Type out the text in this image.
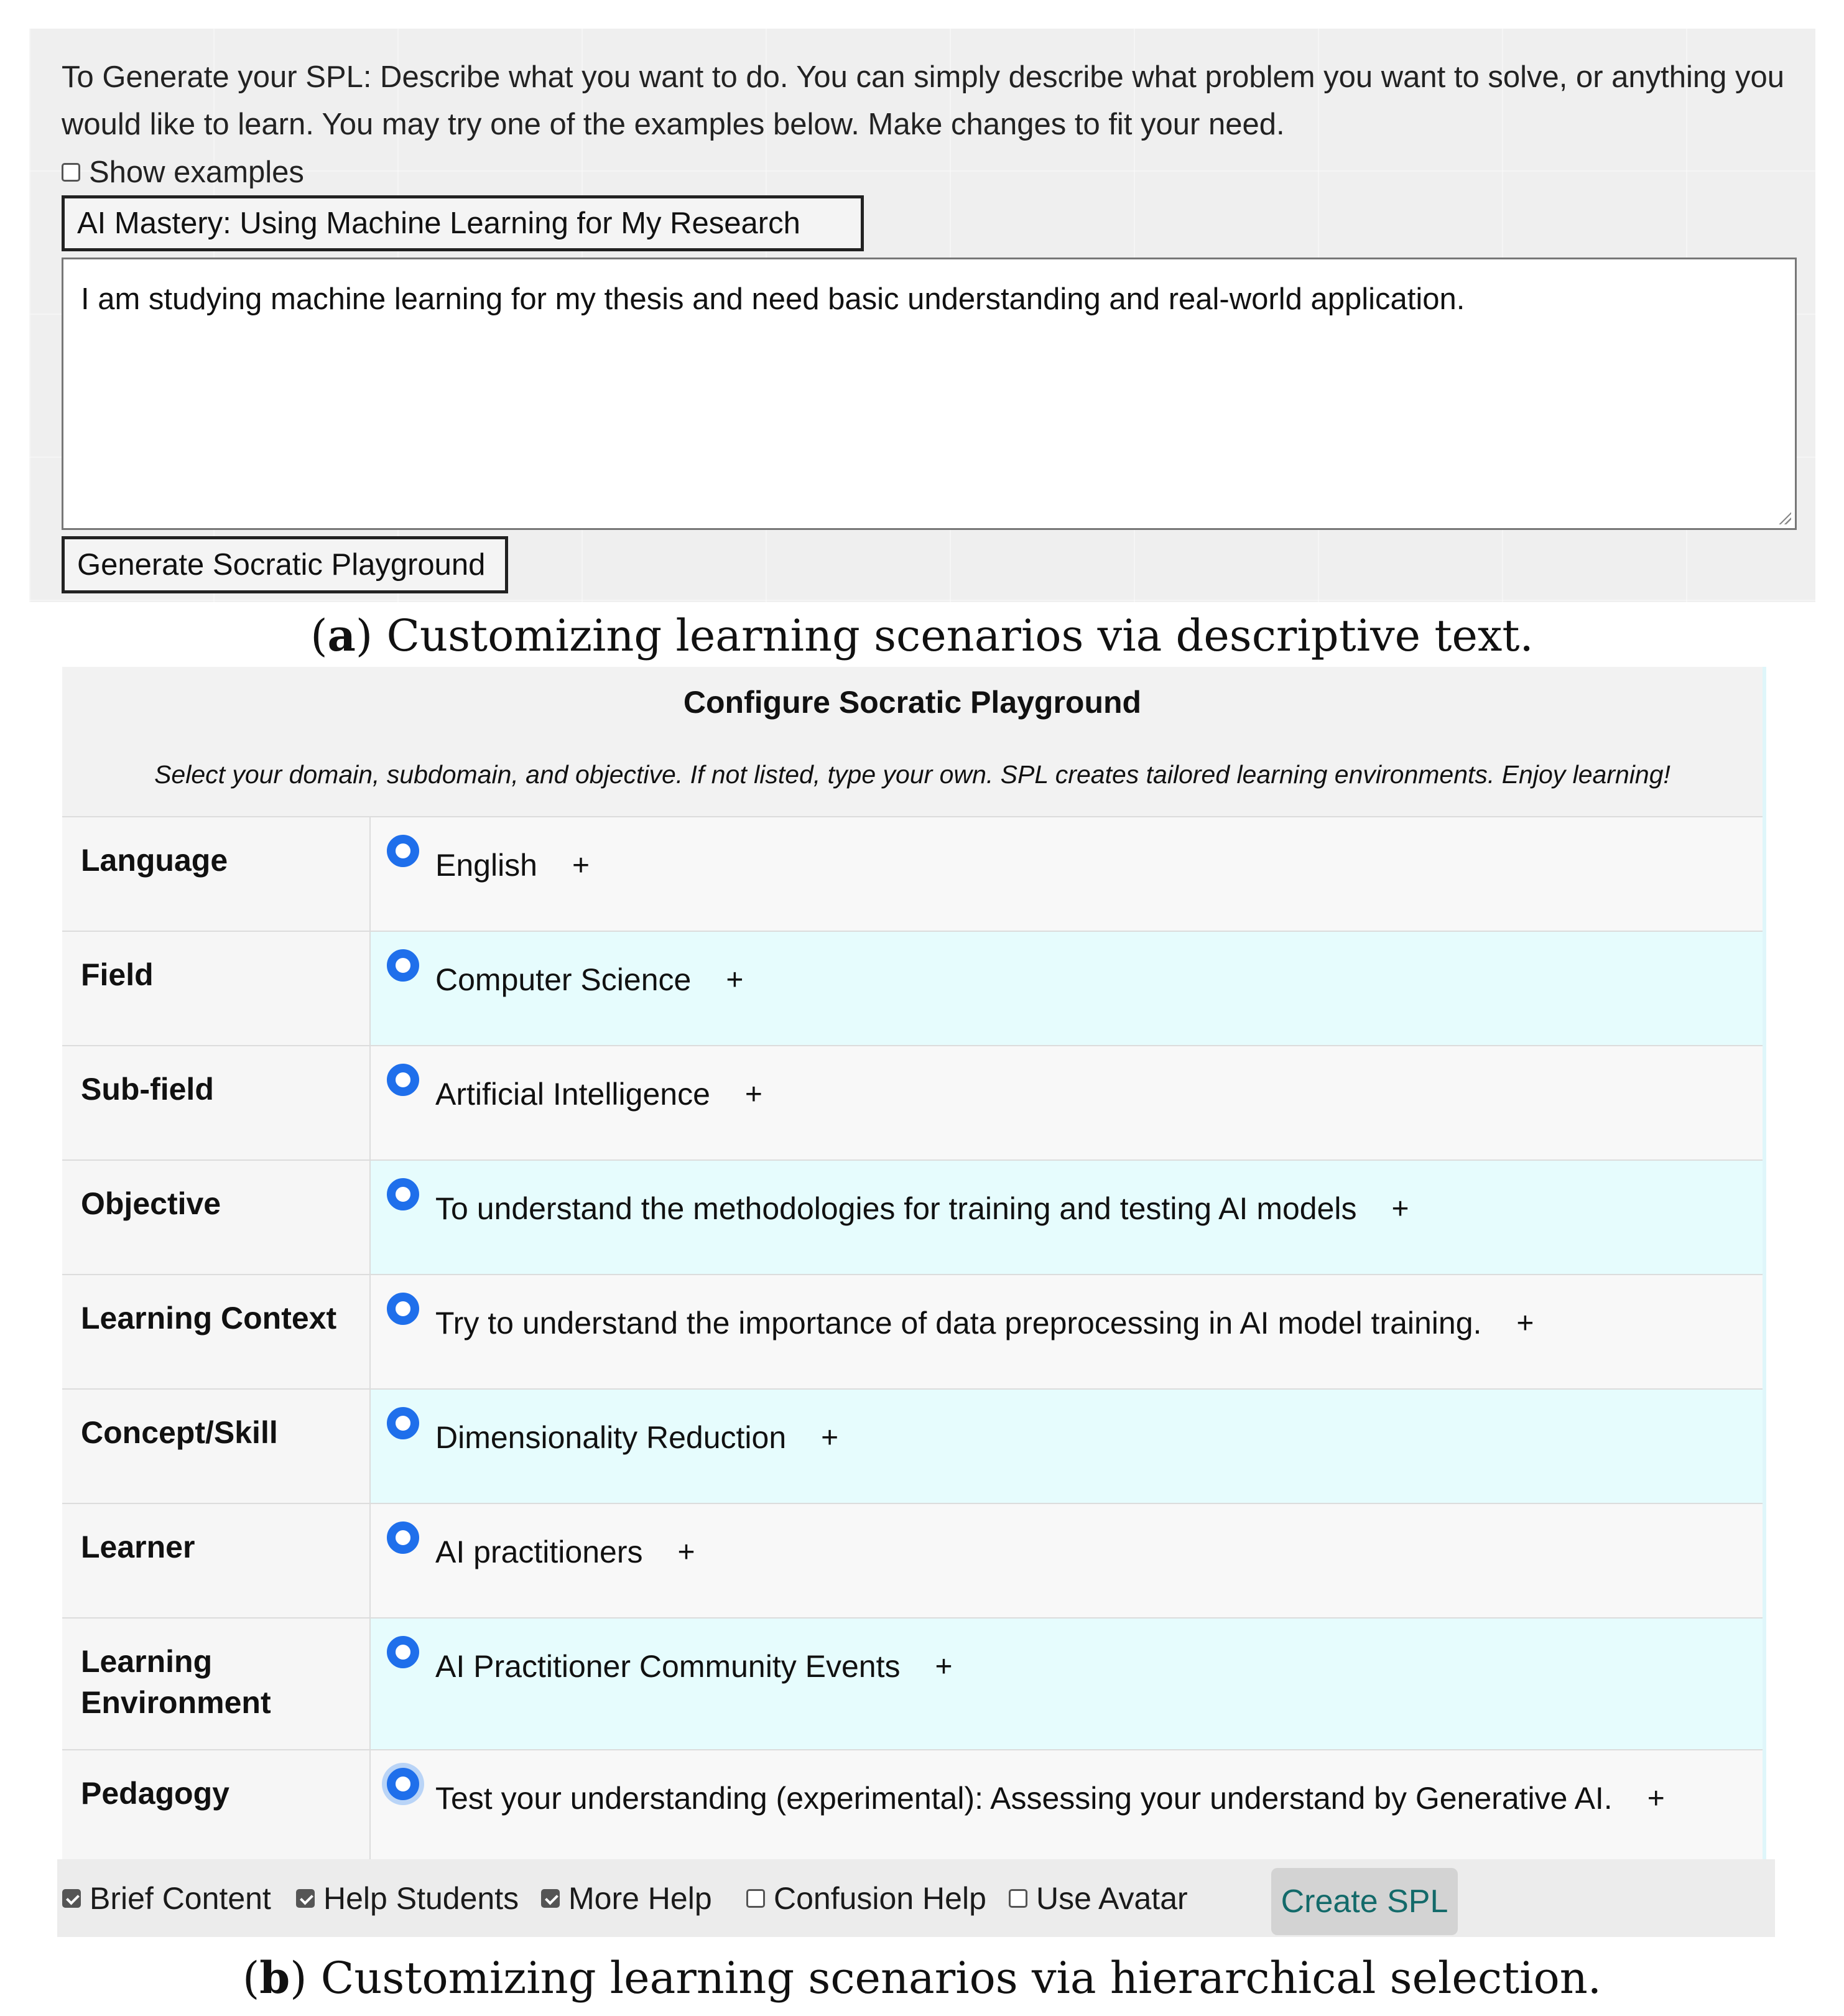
To Generate your SPL: Describe what you want to do. You can simply describe what problem you want to solve, or anything you would like to learn. You may try one of the examples below. Make changes to fit your need.
Show examples
AI Mastery: Using Machine Learning for My Research
I am studying machine learning for my thesis and need basic understanding and real-world application.
Generate Socratic Playground
(a) Customizing learning scenarios via descriptive text.
Configure Socratic Playground
Select your domain, subdomain, and objective. If not listed, type your own. SPL creates tailored learning environments. Enjoy learning!
Language	English +

Field	Computer Science +

Sub-field	Artificial Intelligence +

Objective	To understand the methodologies for training and testing AI models +

Learning Context	Try to understand the importance of data preprocessing in AI model training. +

Concept/Skill	Dimensionality Reduction +

Learner	AI practitioners +

Learning Environment	AI Practitioner Community Events +

Pedagogy	Test your understanding (experimental): Assessing your understand by Generative AI. +
Brief Content Help Students More Help Confusion Help Use Avatar	Create SPL
(b) Customizing learning scenarios via hierarchical selection.
